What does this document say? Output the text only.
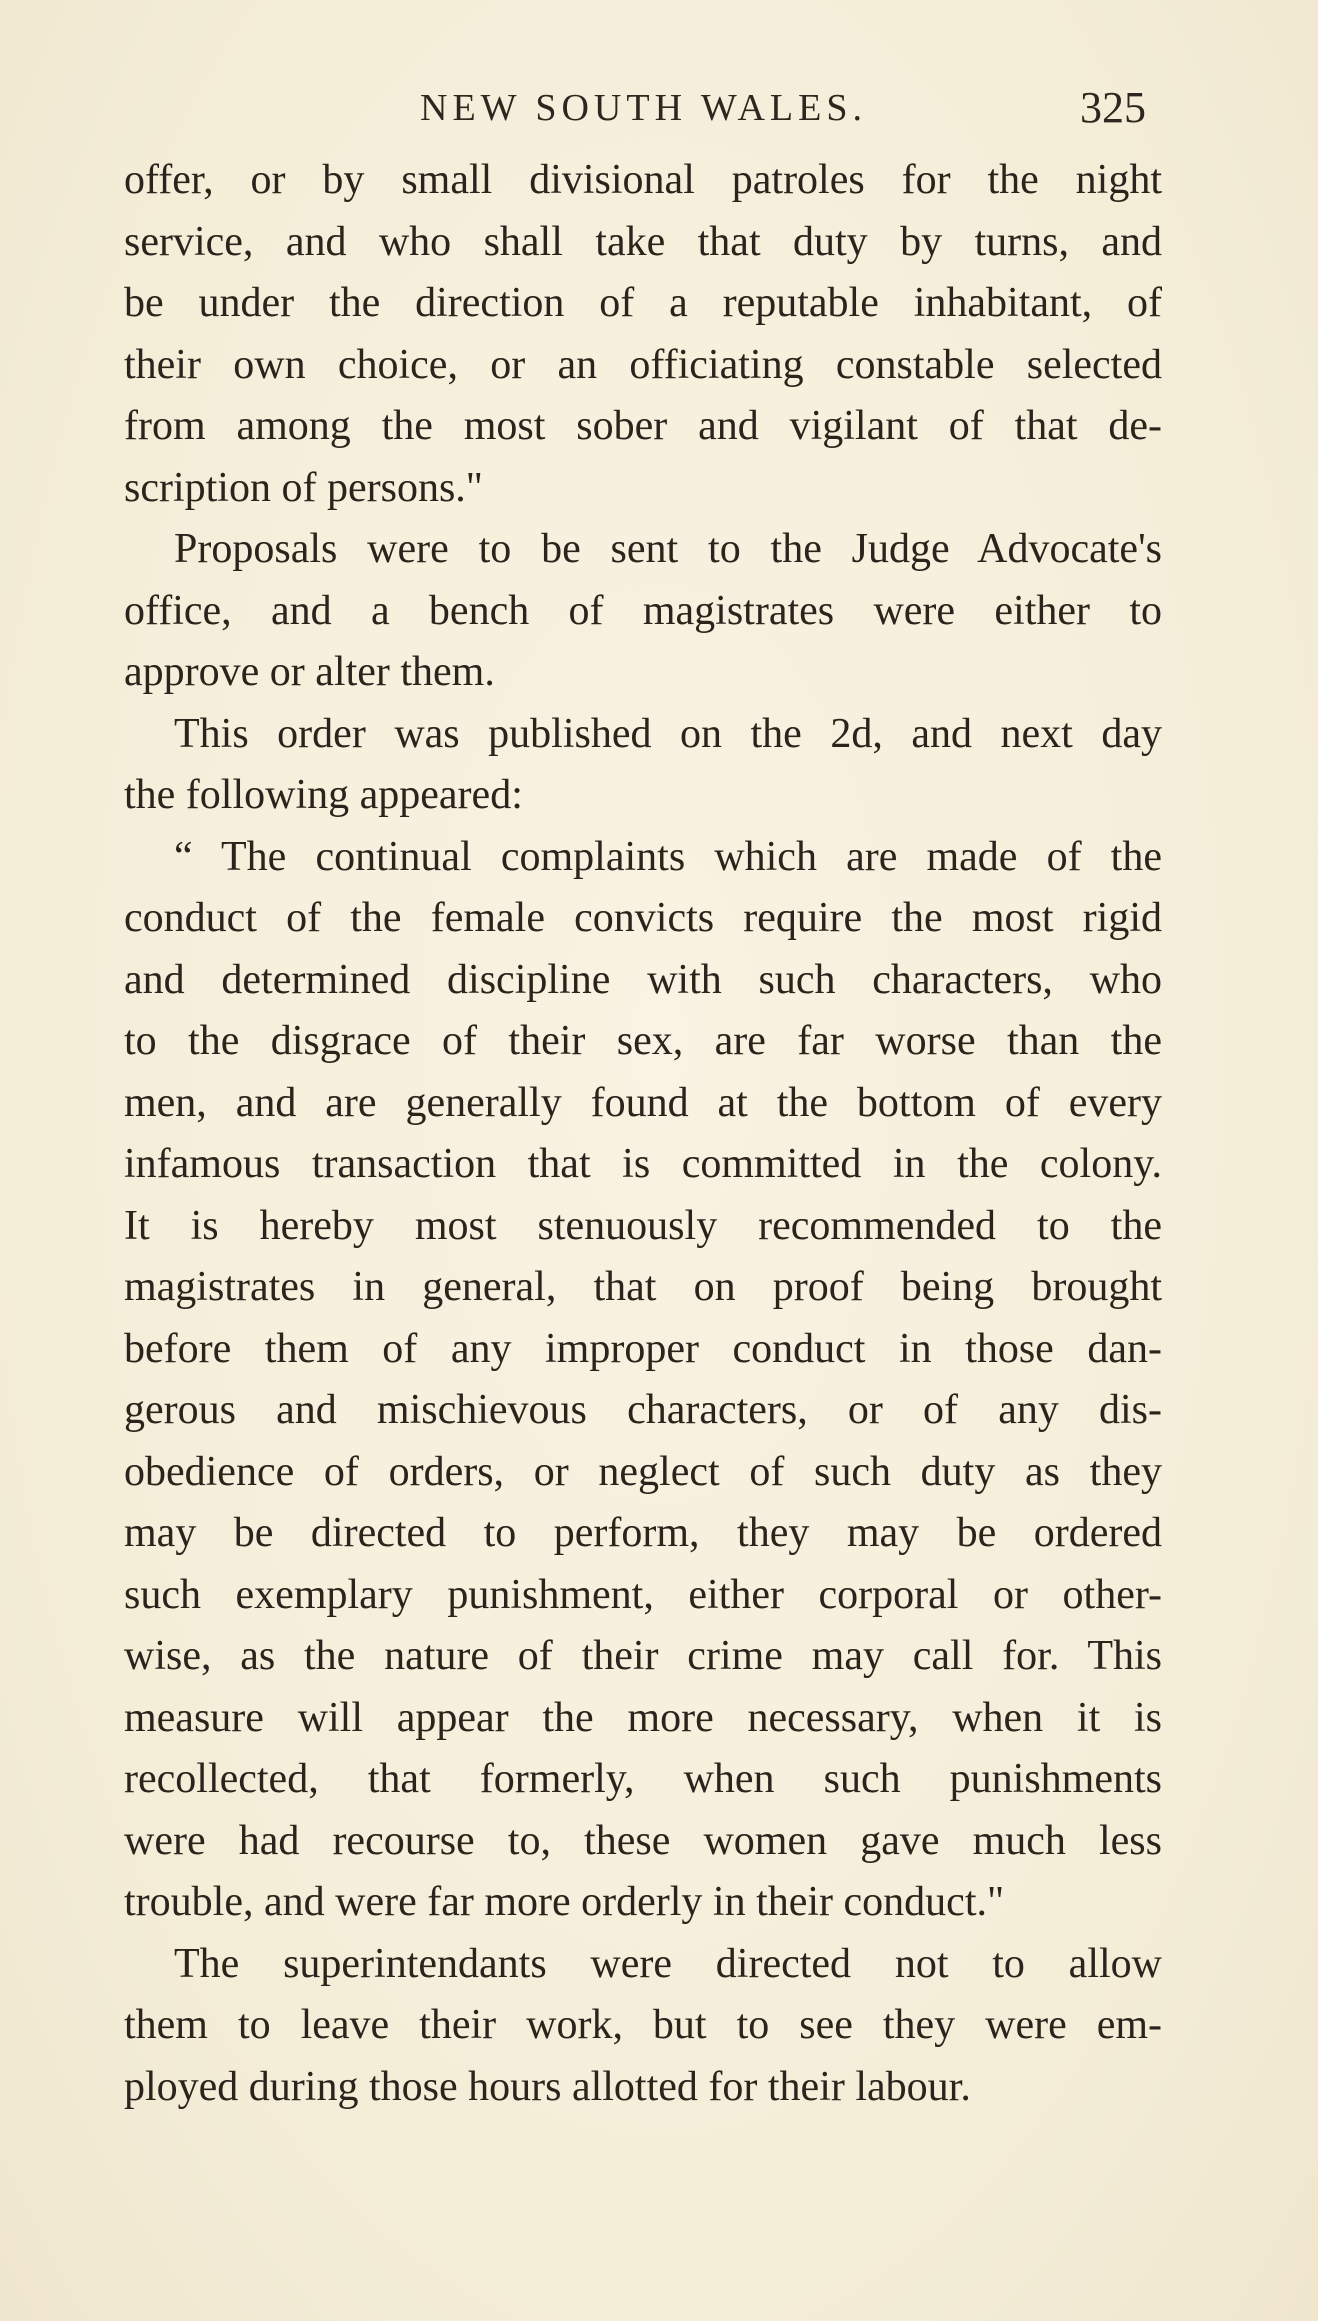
NEW SOUTH WALES.	325
offer, or by small divisional patroles for the night
service, and who shall take that duty by turns, and
be under the direction of a reputable inhabitant, of
their own choice, or an officiating constable selected
from among the most sober and vigilant of that de-
scription of persons."
Proposals were to be sent to the Judge Advocate's
office, and a bench of magistrates were either to
approve or alter them.
This order was published on the 2d, and next day
the following appeared:
“ The continual complaints which are made of the
conduct of the female convicts require the most rigid
and determined discipline with such characters, who
to the disgrace of their sex, are far worse than the
men, and are generally found at the bottom of every
infamous transaction that is committed in the colony.
It is hereby most stenuously recommended to the
magistrates in general, that on proof being brought
before them of any improper conduct in those dan-
gerous and mischievous characters, or of any dis-
obedience of orders, or neglect of such duty as they
may be directed to perform, they may be ordered
such exemplary punishment, either corporal or other-
wise, as the nature of their crime may call for. This
measure will appear the more necessary, when it is
recollected, that formerly, when such punishments
were had recourse to, these women gave much less
trouble, and were far more orderly in their conduct."
The superintendants were directed not to allow
them to leave their work, but to see they were em-
ployed during those hours allotted for their labour.
